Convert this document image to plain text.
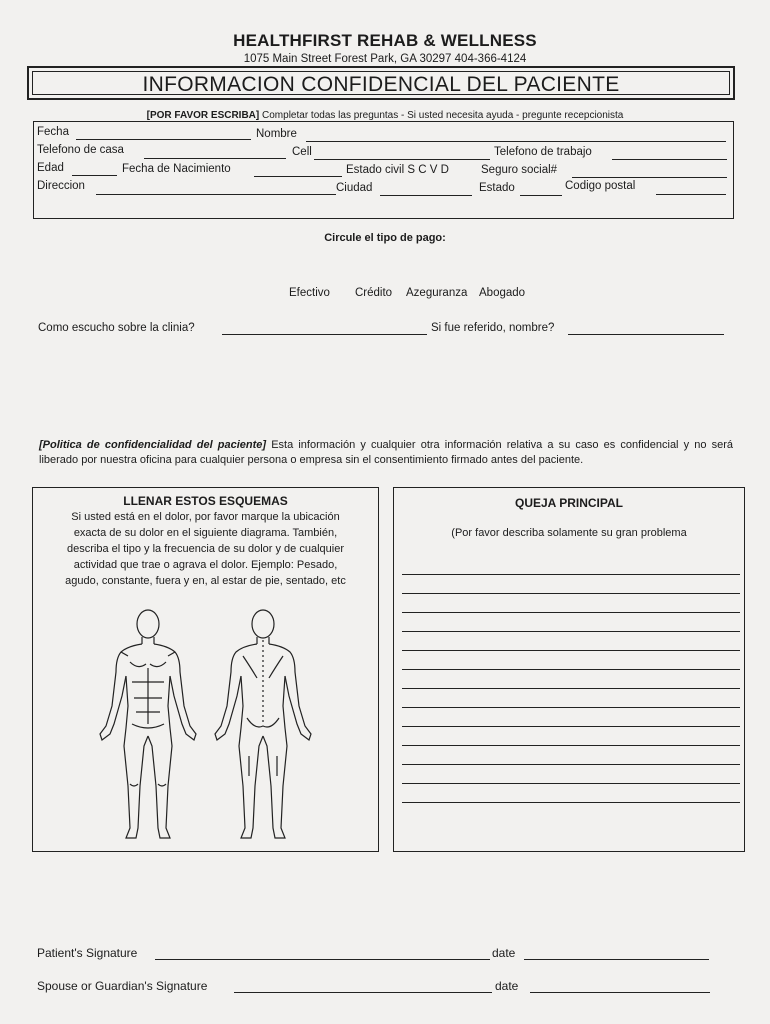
HEALTHFIRST REHAB & WELLNESS
1075 Main Street Forest Park, GA 30297 404-366-4124
INFORMACION CONFIDENCIAL DEL PACIENTE
[POR FAVOR ESCRIBA] Completar todas las preguntas - Si usted necesita ayuda - pregunte recepcionista
Fecha	Nombre
Telefono de casa	Cell	Telefono de trabajo
Edad	Fecha de Nacimiento	Estado civil S C V D	Seguro social#
Direccion	Ciudad	Estado	Codigo postal
Circule el tipo de pago:
Efectivo Crédito Azeguranza Abogado
Como escucho sobre la clinia?	Si fue referido, nombre?
[Politica de confidencialidad del paciente] Esta información y cualquier otra información relativa a su caso es confidencial y no será liberado por nuestra oficina para cualquier persona o empresa sin el consentimiento firmado antes del paciente.
LLENAR ESTOS ESQUEMAS
Si usted está en el dolor, por favor marque la ubicación
exacta de su dolor en el siguiente diagrama. También,
describa el tipo y la frecuencia de su dolor y de cualquier
actividad que trae o agrava el dolor. Ejemplo: Pesado,
agudo, constante, fuera y en, al estar de pie, sentado, etc
QUEJA PRINCIPAL
(Por favor describa solamente su gran problema
Patient's Signature	date
Spouse or Guardian's Signature	date
